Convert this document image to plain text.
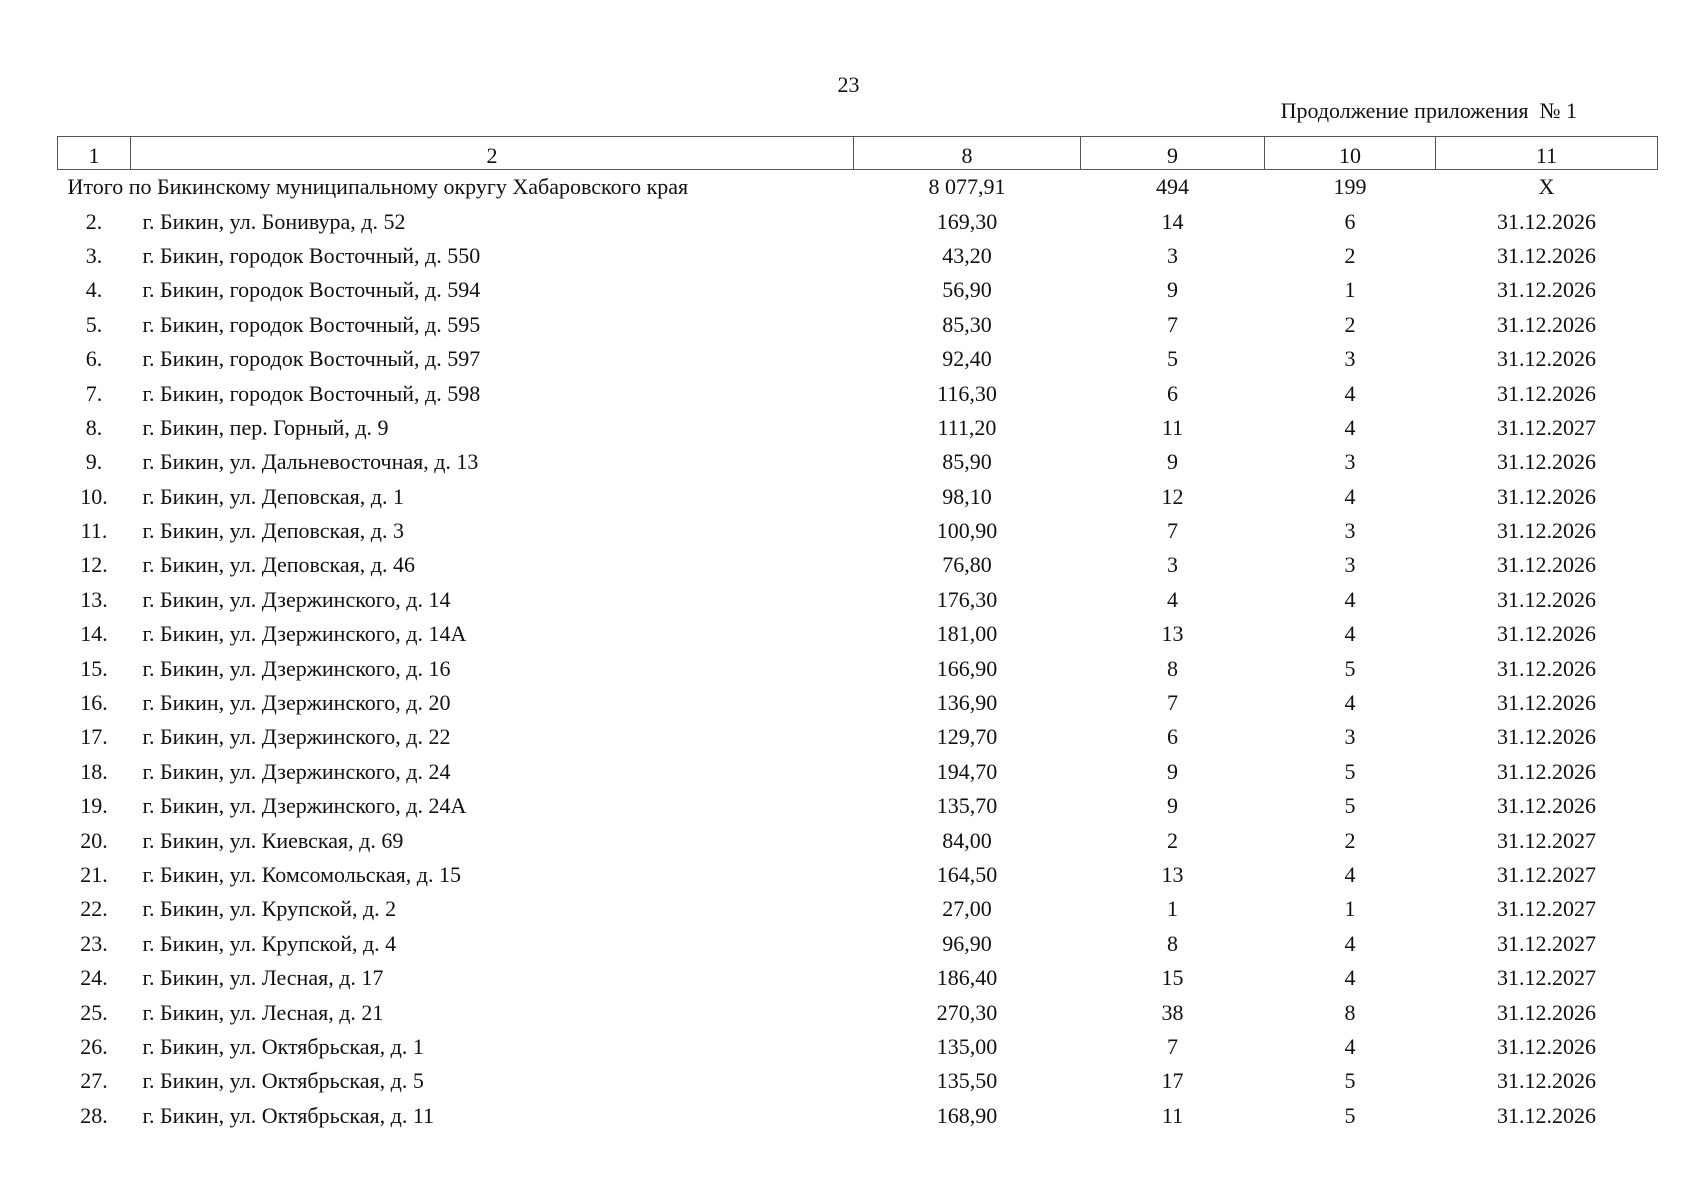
23
Продолжение приложения  № 1
1	2	8	9	10	11
Итого по Бикинскому муниципальному округу Хабаровского края		8 077,91	494	199	Х
2.	г. Бикин, ул. Бонивура, д. 52	169,30	14	6	31.12.2026
3.	г. Бикин, городок Восточный, д. 550	43,20	3	2	31.12.2026
4.	г. Бикин, городок Восточный, д. 594	56,90	9	1	31.12.2026
5.	г. Бикин, городок Восточный, д. 595	85,30	7	2	31.12.2026
6.	г. Бикин, городок Восточный, д. 597	92,40	5	3	31.12.2026
7.	г. Бикин, городок Восточный, д. 598	116,30	6	4	31.12.2026
8.	г. Бикин, пер. Горный, д. 9	111,20	11	4	31.12.2027
9.	г. Бикин, ул. Дальневосточная, д. 13	85,90	9	3	31.12.2026
10.	г. Бикин, ул. Деповская, д. 1	98,10	12	4	31.12.2026
11.	г. Бикин, ул. Деповская, д. 3	100,90	7	3	31.12.2026
12.	г. Бикин, ул. Деповская, д. 46	76,80	3	3	31.12.2026
13.	г. Бикин, ул. Дзержинского, д. 14	176,30	4	4	31.12.2026
14.	г. Бикин, ул. Дзержинского, д. 14А	181,00	13	4	31.12.2026
15.	г. Бикин, ул. Дзержинского, д. 16	166,90	8	5	31.12.2026
16.	г. Бикин, ул. Дзержинского, д. 20	136,90	7	4	31.12.2026
17.	г. Бикин, ул. Дзержинского, д. 22	129,70	6	3	31.12.2026
18.	г. Бикин, ул. Дзержинского, д. 24	194,70	9	5	31.12.2026
19.	г. Бикин, ул. Дзержинского, д. 24А	135,70	9	5	31.12.2026
20.	г. Бикин, ул. Киевская, д. 69	84,00	2	2	31.12.2027
21.	г. Бикин, ул. Комсомольская, д. 15	164,50	13	4	31.12.2027
22.	г. Бикин, ул. Крупской, д. 2	27,00	1	1	31.12.2027
23.	г. Бикин, ул. Крупской, д. 4	96,90	8	4	31.12.2027
24.	г. Бикин, ул. Лесная, д. 17	186,40	15	4	31.12.2027
25.	г. Бикин, ул. Лесная, д. 21	270,30	38	8	31.12.2026
26.	г. Бикин, ул. Октябрьская, д. 1	135,00	7	4	31.12.2026
27.	г. Бикин, ул. Октябрьская, д. 5	135,50	17	5	31.12.2026
28.	г. Бикин, ул. Октябрьская, д. 11	168,90	11	5	31.12.2026
